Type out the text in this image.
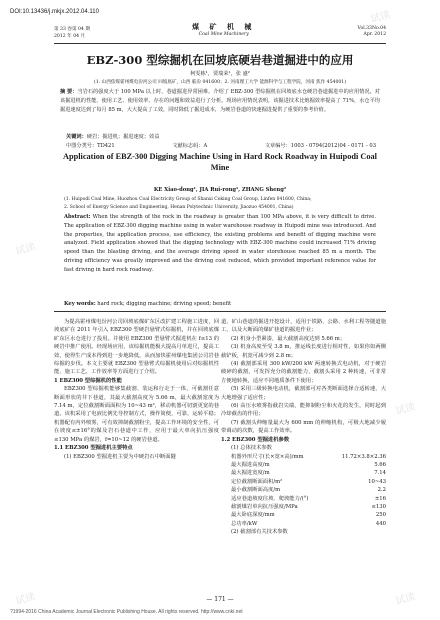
DOI:10.13436/j.mkjx.2012.04.110	试读
试读
试读
试读	试读
第 33 卷第 04 期
2012 年 04 月
煤 矿 机 械
Coal Mine Machinery
Vol.33No.04
Apr. 2012
EBZ-300 型综掘机在回坡底硬岩巷道掘进中的应用
柯雯栋¹，贾瑞荣¹，张 盛²
(1. 山西焦煤霍州煤电汾河公司 回坡底矿，山西 临汾 041600；2. 河南理工大学 能源科学与工程学院，河南 焦作 454001)
摘 要：当岩石的强度大于 100 MPa 以上时，巷道掘进异常困难。介绍了 EBZ-300 型综掘机在回坡底水仓硬岩巷道掘进中的应用情况，对该掘进机的性能、使用工艺、使用效率、存在的问题和效益进行了分析。现场应用情况表明，该掘进技术比炮掘效率提高了 71%，水仓平均掘进速度达到了每月 85 m，大大提高了工效，同时降低了掘进成本，为硬岩巷道的快速掘进提供了重要的参考价值。
关键词：硬岩；掘进机；掘进速度；效益
中图分类号：TD421	文献标志码：A	文章编号：1003 - 0794(2012)04 - 0171 - 03
Application of EBZ-300 Digging Machine Using in Hard Rock Roadway in Huipodi Coal Mine
KE Xiao-dong¹, JIA Rui-rong¹, ZHANG Sheng²
(1. Huipodi Coal Mine, Huozhou Coal Electricity Group of Shanxi Coking Coal Group, Linfen 041600, China;
2. School of Energy Science and Engineering, Henan Polytechnic University, Jiaozuo 454001, China)
Abstract: When the strength of the rock in the roadway is greater than 100 MPa above, it is very difficult to drive. The application of EBZ-300 digging machine using in water warehouse roadway in Huipodi mine was introduced. And the properties, the application process, use efficiency, the existing problems and benefit of digging machine were analyzed. Field application showed that the digging technology with EBZ-300 machine could increased 71% driving speed than the blasting driving, and the average driving speed in water storehouse reached 85 m a month. The driving efficiency was greatly improved and the driving cost reduced, which provided important reference value for fast driving in hard rock roadway.
Key words: hard rock; digging machine; driving speed; benefit

为提高霍州煤电汾河公司回坡底煤矿东区改扩建工程施工进度，回坡底矿在 2011 年引入 EBZ300 型硬岩悬臂式综掘机，并在回坡底煤矿东区水仓进行了投用。并使用 EBZ300 型悬臂式掘进机在 f≤13 的硬岩中推广使用。经现场应用，该综掘机能极大提高月单进尺，提高工效，使得生产成本得到进一步地降低，从而加快霍州煤电集团公司岩巷综掘的步伐。本文主要就 EBZ300 型悬臂式综掘机使用后对综掘机性能、施工工艺、工作效率等方面进行了介绍。

1 EBZ300 型综掘机的性能

EBZ300 型综掘机能够集截割、装运和行走于一体，可截割任意断面形状的井下巷道，其最大截割高度为 5.66 m，最大截割宽度为 7.14 m，定位截割断面面积为 10~43 m²，移动机器可切割更宽的巷道。该机采用了电液比例先导控制方式，操作简便，可靠，运转平稳；机器配有内外喷雾，可有效抑制截割粉尘，提高工作环境的安全性，可在坡度≤±16°的煤及岩石巷道中工作，应用于最大单向抗压强度≤130 MPa 的煤岩，f=10~12 的硬岩巷道。

1.1 EBZ300 型掘进机主要特点

(1) EBZ300 型掘进机主要为中硬岩石中断面隧

道、矿山巷道的掘进开挖设计，适用于铁路、公路、水利工程等隧道施工，以及大断面的煤矿巷道的掘进作业；

(2) 机身小型紧凑，最大截割高度达到 5.66 m；

(3) 机身高度至受 3.8 m，推运线长度进行相对性，如果你如两侧截铲板，机宽可减少到 2.8 m；

(4) 截割部采用 300 kW/200 kW 两速转换式电动机，对于硬岩破碎的截割，可发挥充分的截割能力，截割头采用 2 种转速，可非常方便地转换，适应不同地质条件下使用；

(5) 采用三级转换电动机，截割部可对各类断面选择合适转速，大大地增强了适应性；

(6) 高压水喷雾指截岩尖端，能抑制粉尘和火花的发生，同时起到冷却截齿的作用；

(7) 截割头伸缩量最大为 600 mm 的伸缩机构，可极大地减少履带调动的次数，提高工作效率。

1.2 EBZ300 型掘进机参数

(1) 总体技术参数

机器外形尺寸(长×宽×高)/mm	11.72×3.8×2.36
最大掘进高度/m	5.66
最大掘进宽度/m	7.14
定位截割断面面积/m²	10~43
最小截割断面高度/m	2.2
适应巷道坡度往坡、爬坡能力/(°)	±16
截割煤岩单向抗压强度/MPa	≤130
最大卧底深度/mm	250
总功率/kW	440

(2) 截割部有关技术参数

— 171 —
?1994-2016 China Academic Journal Electronic Publishing House. All rights reserved. http://www.cnki.net
